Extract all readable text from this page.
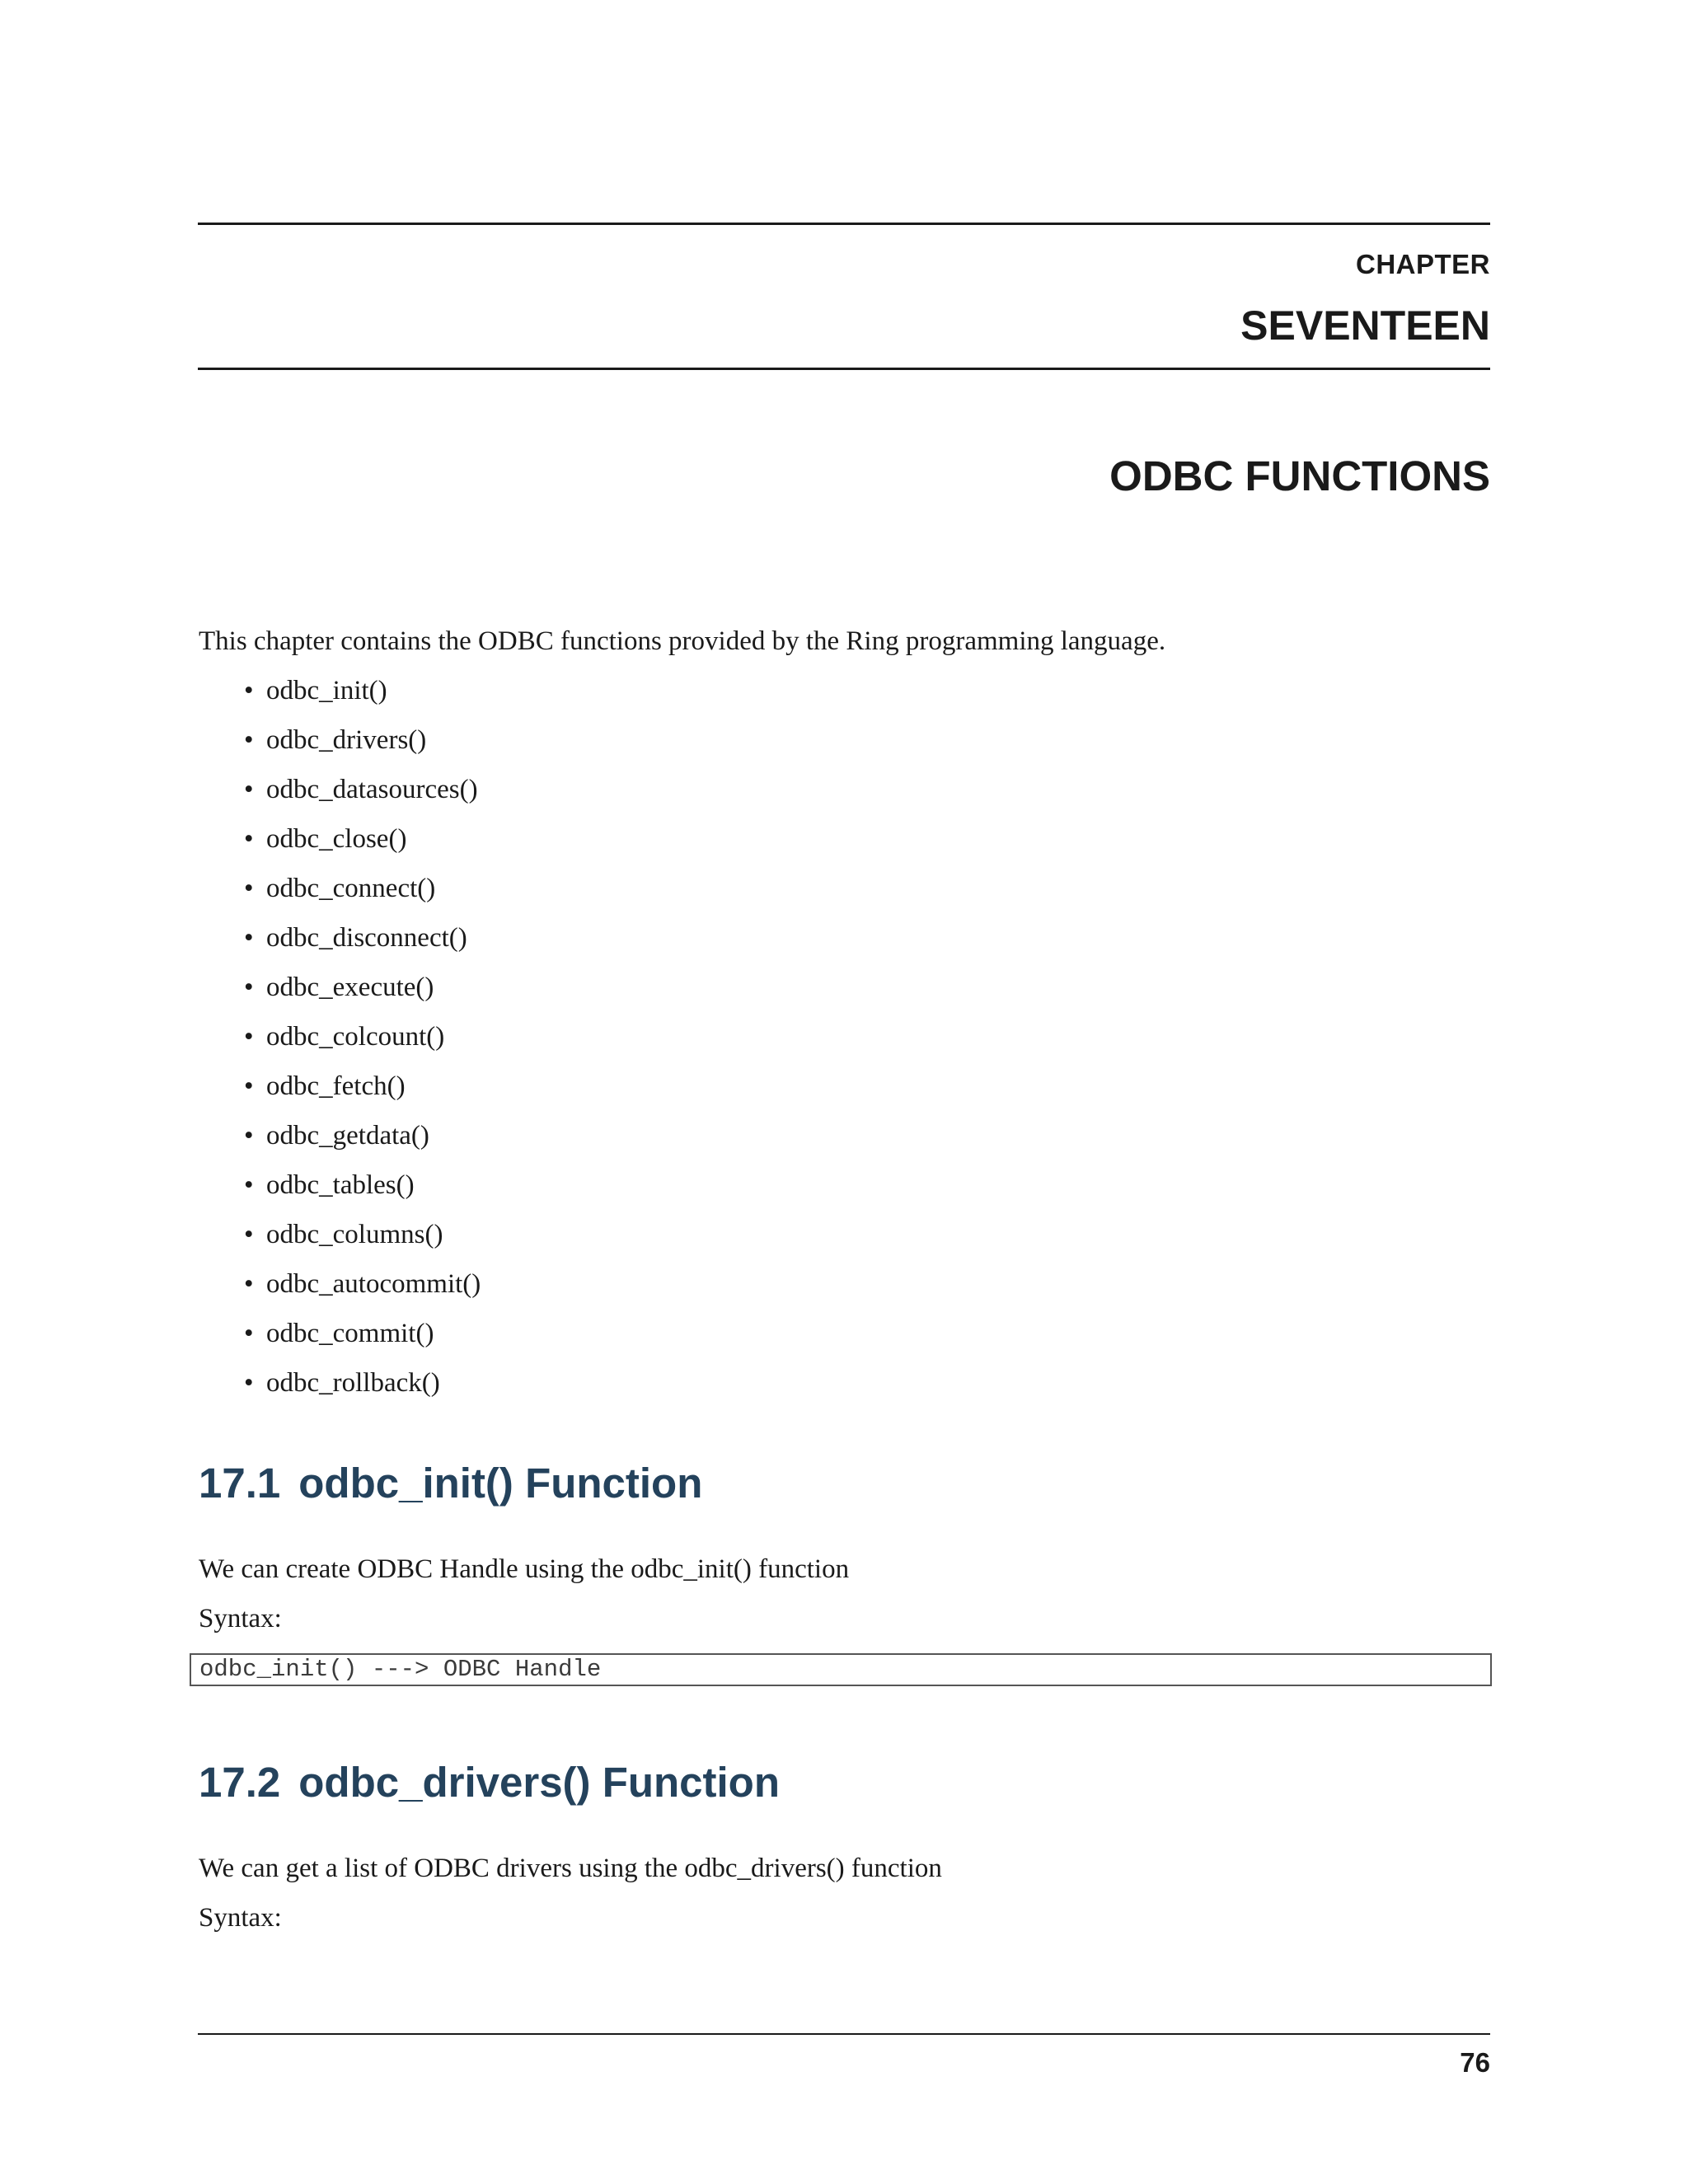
CHAPTER
SEVENTEEN
ODBC FUNCTIONS

This chapter contains the ODBC functions provided by the Ring programming language.

• odbc_init()
• odbc_drivers()
• odbc_datasources()
• odbc_close()
• odbc_connect()
• odbc_disconnect()
• odbc_execute()
• odbc_colcount()
• odbc_fetch()
• odbc_getdata()
• odbc_tables()
• odbc_columns()
• odbc_autocommit()
• odbc_commit()
• odbc_rollback()
17.1 odbc_init() Function

We can create ODBC Handle using the odbc_init() function

Syntax:

odbc_init() ---> ODBC Handle
17.2 odbc_drivers() Function

We can get a list of ODBC drivers using the odbc_drivers() function

Syntax:

76
